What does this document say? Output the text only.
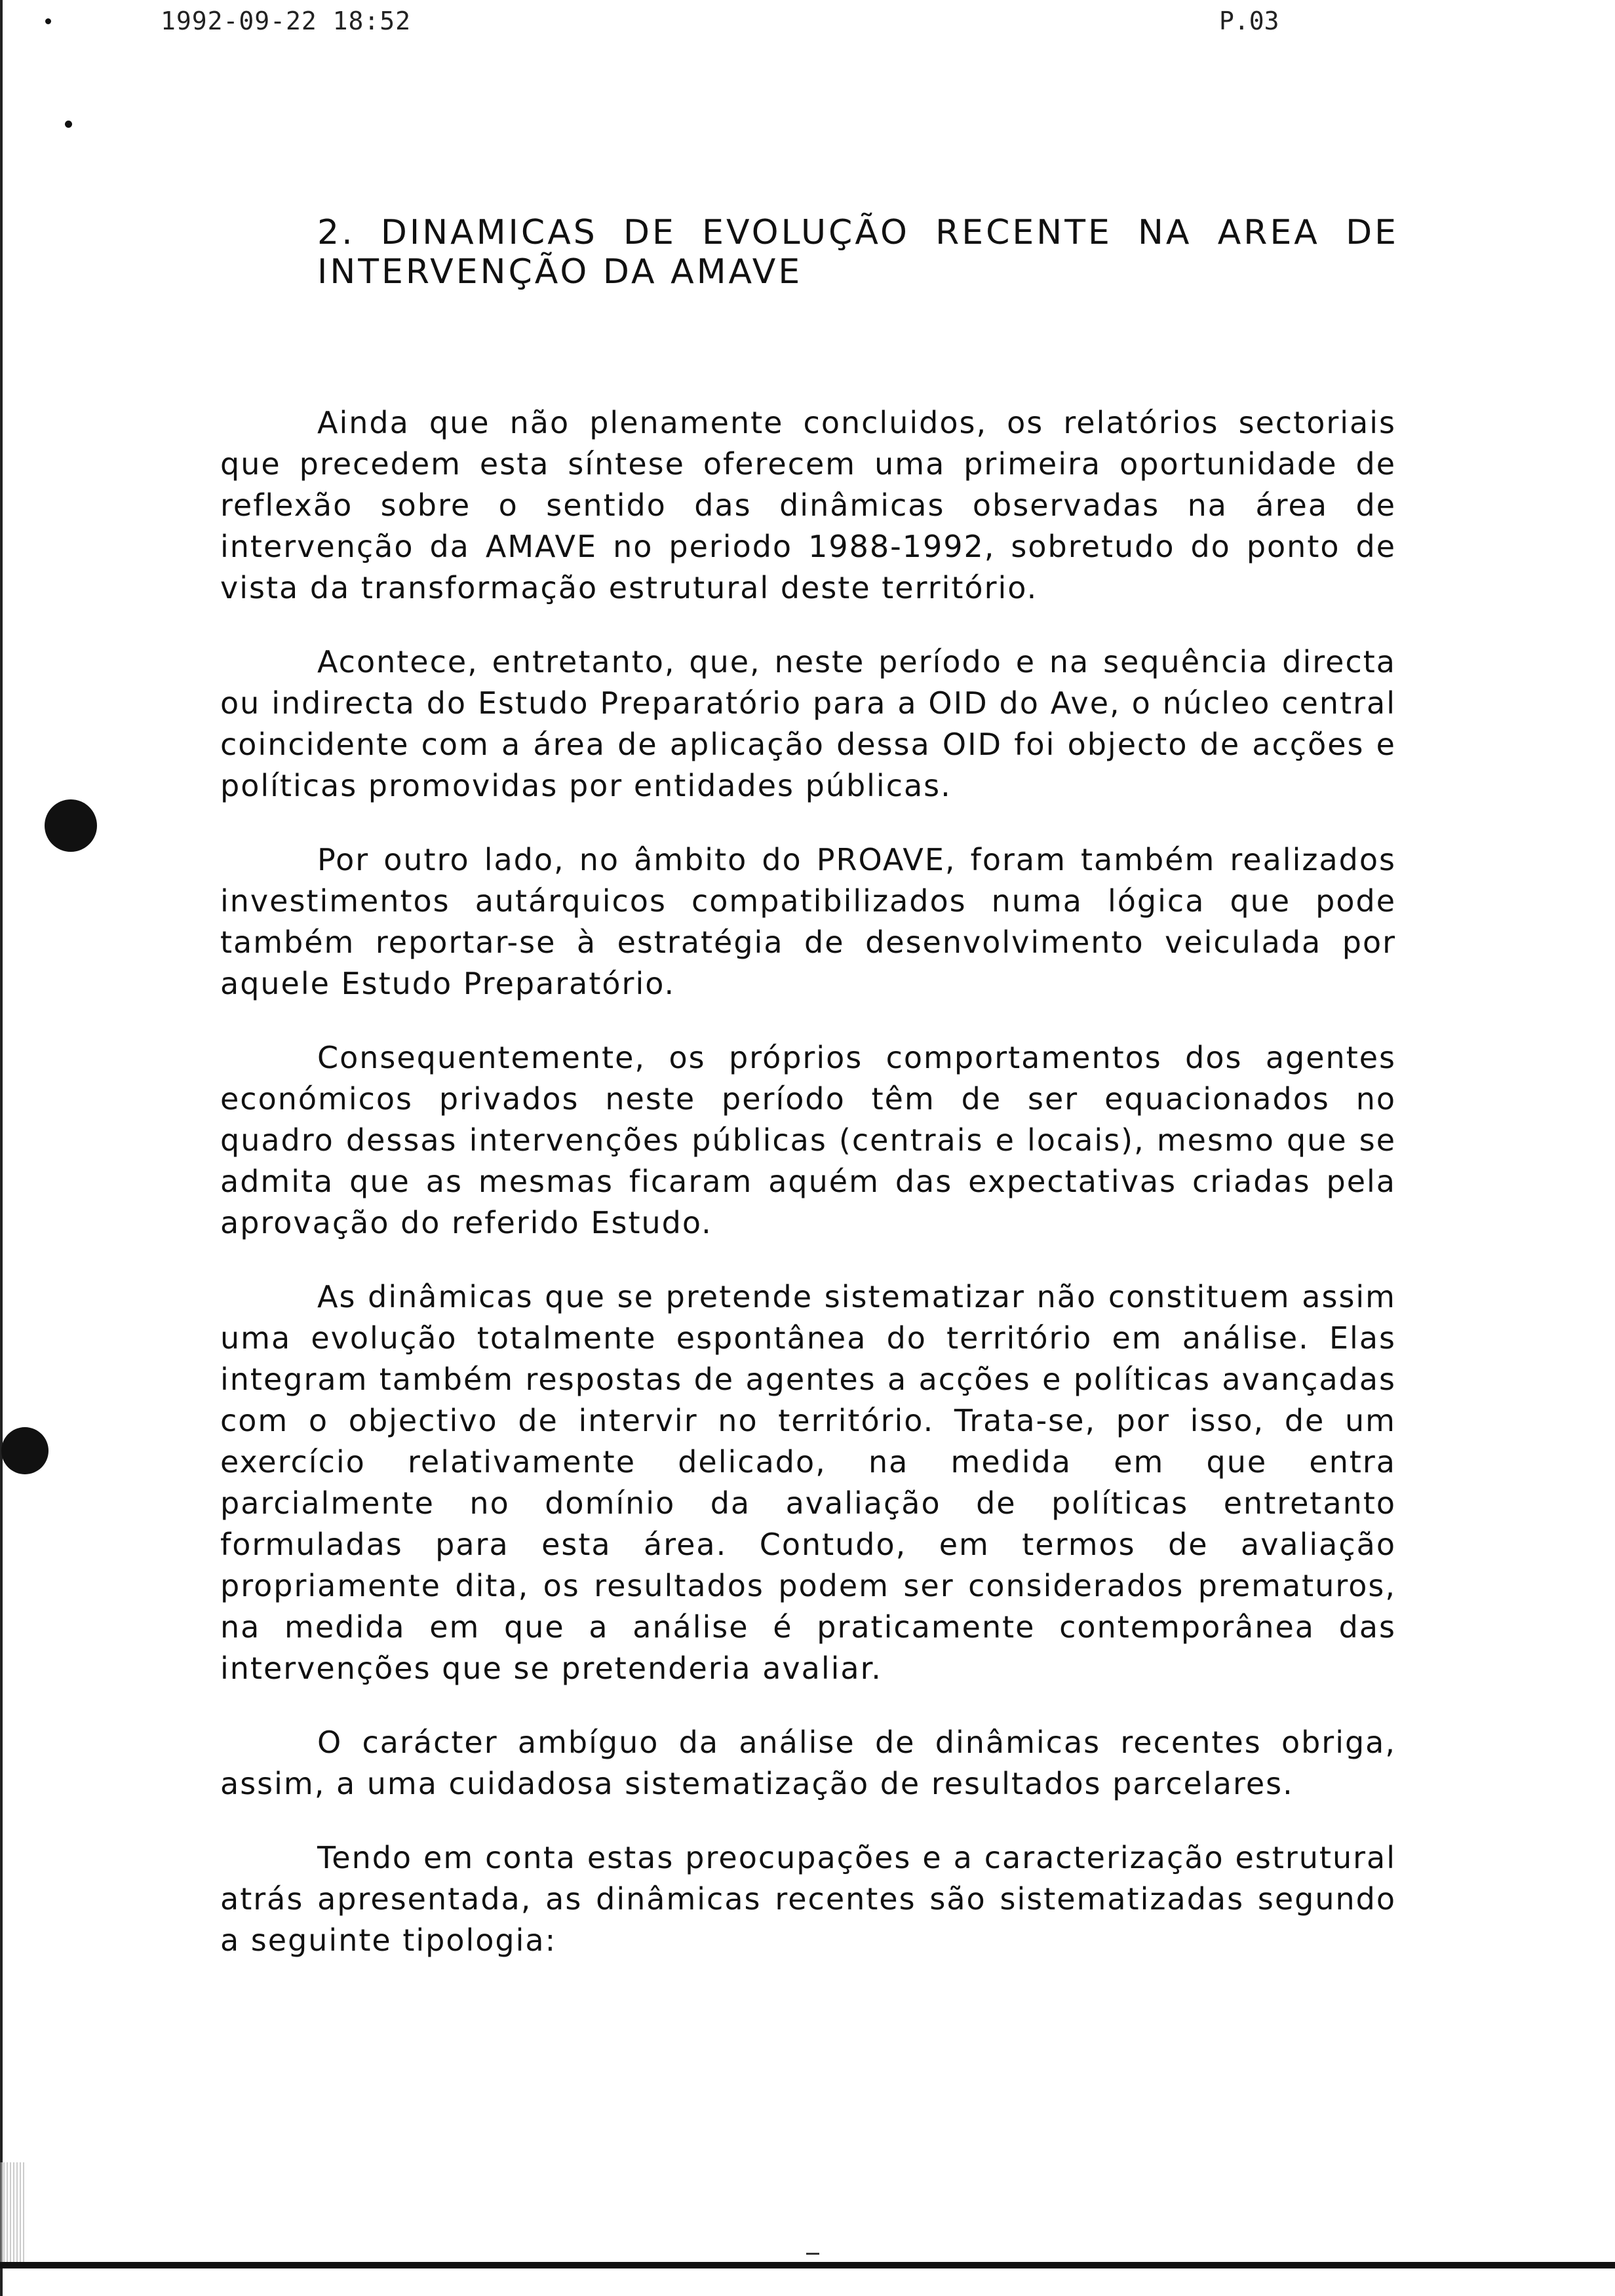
1992-09-22 18:52	P.03
2. DINAMICAS DE EVOLUÇÃO RECENTE NA AREA DE INTERVENÇÃO DA AMAVE

Ainda que não plenamente concluidos, os relatórios sectoriais que precedem esta síntese oferecem uma primeira oportunidade de reflexão sobre o sentido das dinâmicas observadas na área de intervenção da AMAVE no periodo 1988-1992, sobretudo do ponto de vista da transformação estrutural deste território.

Acontece, entretanto, que, neste período e na sequência directa ou indirecta do Estudo Preparatório para a OID do Ave, o núcleo central coincidente com a área de aplicação dessa OID foi objecto de acções e políticas promovidas por entidades públicas.

Por outro lado, no âmbito do PROAVE, foram também realizados investimentos autárquicos compatibilizados numa lógica que pode também reportar-se à estratégia de desenvolvimento veiculada por aquele Estudo Preparatório.

Consequentemente, os próprios comportamentos dos agentes económicos privados neste período têm de ser equacionados no quadro dessas intervenções públicas (centrais e locais), mesmo que se admita que as mesmas ficaram aquém das expectativas criadas pela aprovação do referido Estudo.

As dinâmicas que se pretende sistematizar não constituem assim uma evolução totalmente espontânea do território em análise. Elas integram também respostas de agentes a acções e políticas avançadas com o objectivo de intervir no território. Trata-se, por isso, de um exercício relativamente delicado, na medida em que entra parcialmente no domínio da avaliação de políticas entretanto formuladas para esta área. Contudo, em termos de avaliação propriamente dita, os resultados podem ser considerados prematuros, na medida em que a análise é praticamente contemporânea das intervenções que se pretenderia avaliar.

O carácter ambíguo da análise de dinâmicas recentes obriga, assim, a uma cuidadosa sistematização de resultados parcelares.

Tendo em conta estas preocupações e a caracterização estrutural atrás apresentada, as dinâmicas recentes são sistematizadas segundo a seguinte tipologia:
